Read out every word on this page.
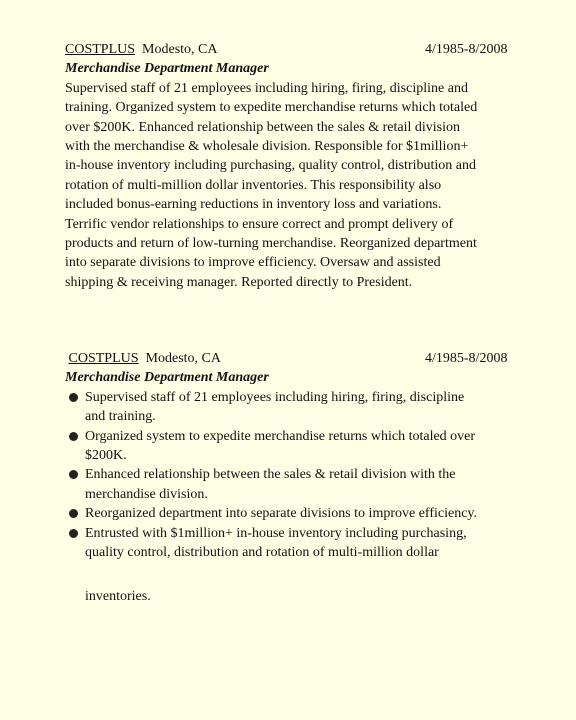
COSTPLUS Modesto, CA	4/1985-8/2008
Merchandise Department Manager
Supervised staff of 21 employees including hiring, firing, discipline and
training. Organized system to expedite merchandise returns which totaled
over $200K. Enhanced relationship between the sales & retail division
with the merchandise & wholesale division. Responsible for $1million+
in-house inventory including purchasing, quality control, distribution and
rotation of multi-million dollar inventories. This responsibility also
included bonus-earning reductions in inventory loss and variations.
Terrific vendor relationships to ensure correct and prompt delivery of
products and return of low-turning merchandise. Reorganized department
into separate divisions to improve efficiency. Oversaw and assisted
shipping & receiving manager. Reported directly to President.
COSTPLUS Modesto, CA	4/1985-8/2008
Merchandise Department Manager
Supervised staff of 21 employees including hiring, firing, discipline
and training.
Organized system to expedite merchandise returns which totaled over
$200K.
Enhanced relationship between the sales & retail division with the
merchandise division.
Reorganized department into separate divisions to improve efficiency.
Entrusted with $1million+ in-house inventory including purchasing,
quality control, distribution and rotation of multi-million dollar
inventories.
